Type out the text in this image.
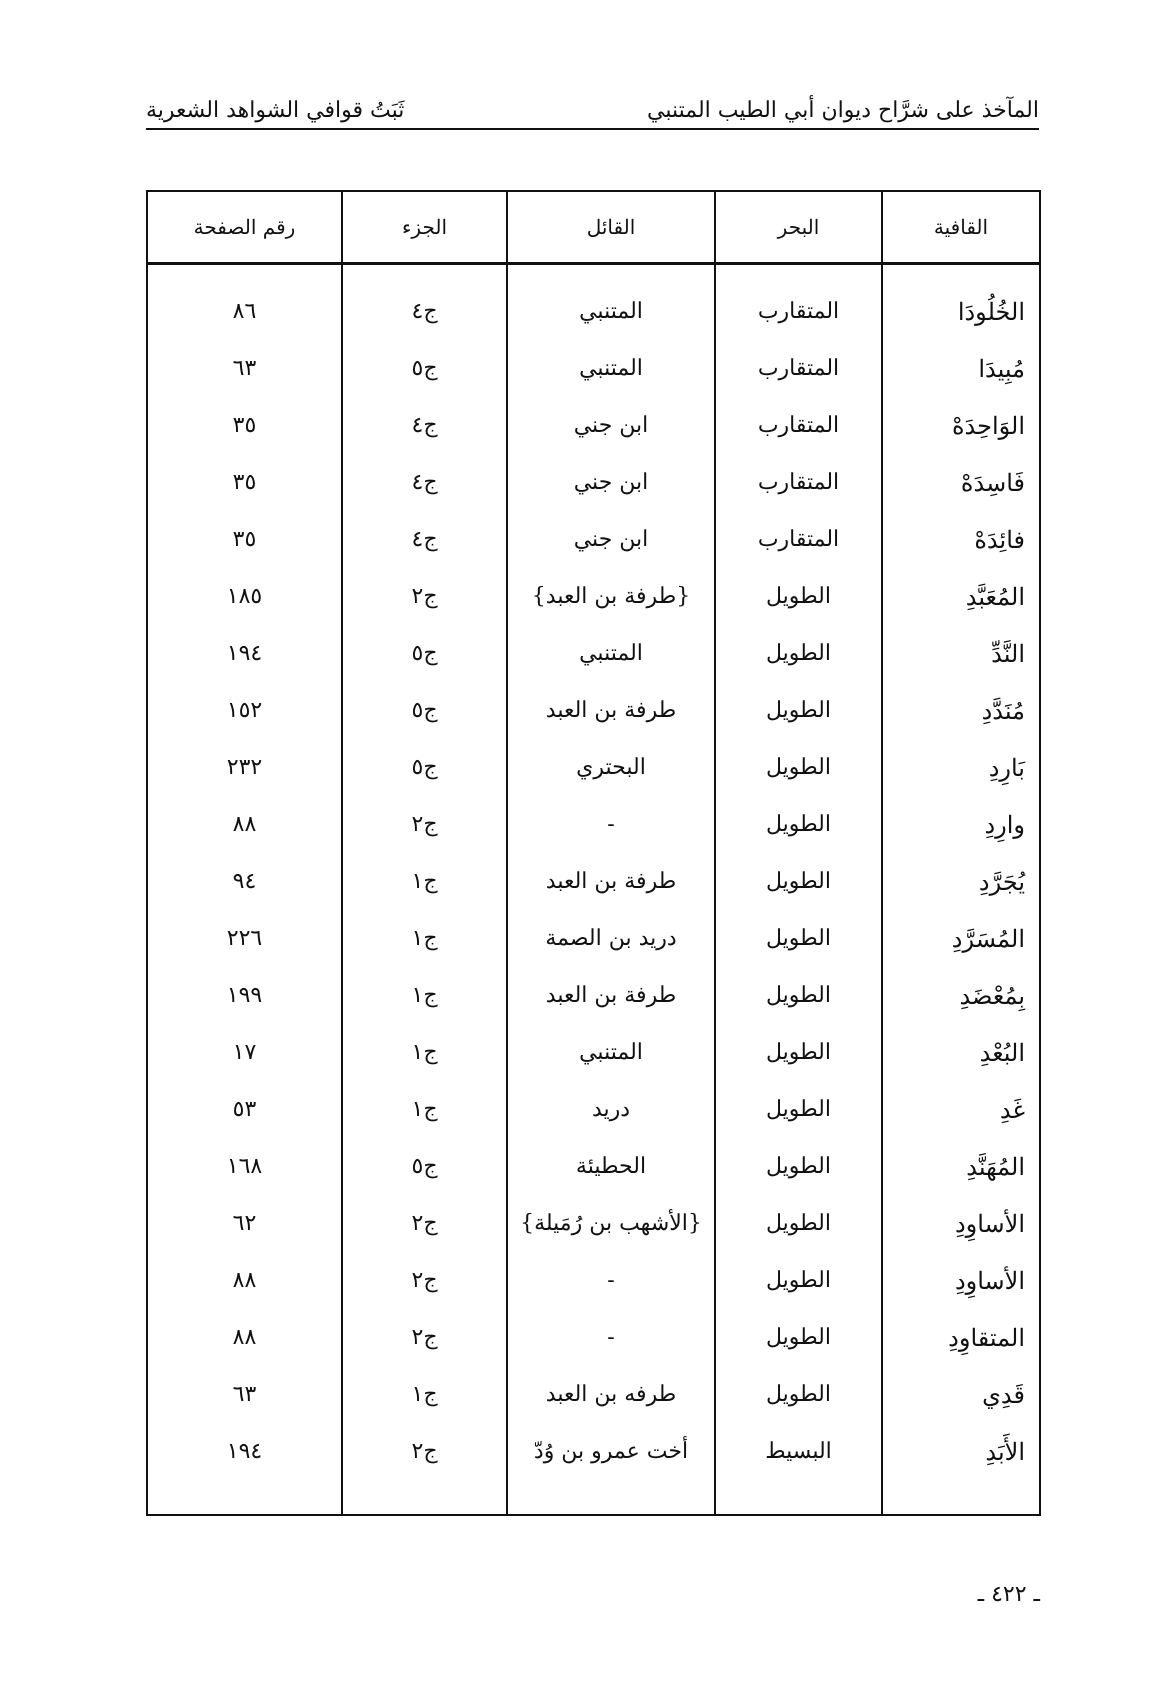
المآخذ على شرَّاح ديوان أبي الطيب المتنبي
ثَبَتُ قوافي الشواهد الشعرية
القافية	البحر	القائل	الجزء	رقم الصفحة
الخُلُودَا	المتقارب	المتنبي	ج٤	٨٦
مُبِيدَا	المتقارب	المتنبي	ج٥	٦٣
الوَاحِدَهْ	المتقارب	ابن جني	ج٤	٣٥
فَاسِدَهْ	المتقارب	ابن جني	ج٤	٣٥
فائِدَهْ	المتقارب	ابن جني	ج٤	٣٥
المُعَبَّدِ	الطويل	{طرفة بن العبد}	ج٢	١٨٥
النَّدِّ	الطويل	المتنبي	ج٥	١٩٤
مُنَدَّدِ	الطويل	طرفة بن العبد	ج٥	١٥٢
بَارِدِ	الطويل	البحتري	ج٥	٢٣٢
وارِدِ	الطويل	-	ج٢	٨٨
يُجَرَّدِ	الطويل	طرفة بن العبد	ج١	٩٤
المُسَرَّدِ	الطويل	دريد بن الصمة	ج١	٢٢٦
بِمُعْضَدِ	الطويل	طرفة بن العبد	ج١	١٩٩
البُعْدِ	الطويل	المتنبي	ج١	١٧
غَدِ	الطويل	دريد	ج١	٥٣
المُهَنَّدِ	الطويل	الحطيئة	ج٥	١٦٨
الأساوِدِ	الطويل	{الأشهب بن رُمَيلة}	ج٢	٦٢
الأساوِدِ	الطويل	-	ج٢	٨٨
المتقاوِدِ	الطويل	-	ج٢	٨٨
قَدِي	الطويل	طرفه بن العبد	ج١	٦٣
الأَبَدِ	البسيط	أخت عمرو بن وُدّ	ج٢	١٩٤

ـ ٤٢٢ ـ
